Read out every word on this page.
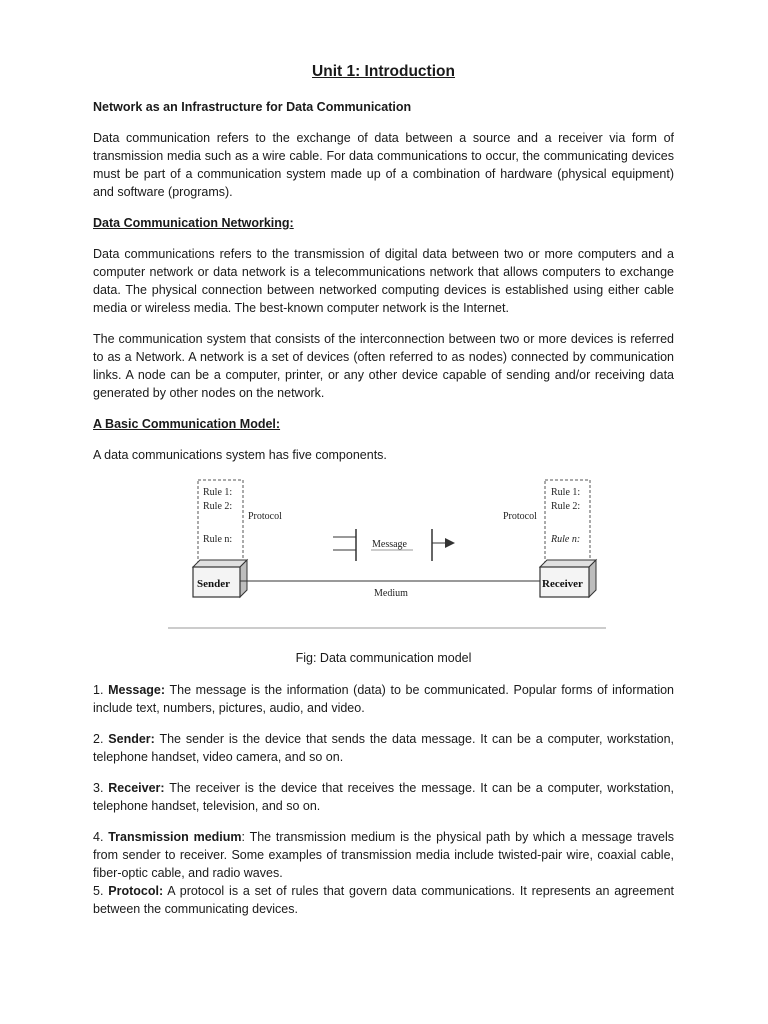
Unit 1: Introduction
Network as an Infrastructure for Data Communication

Data communication refers to the exchange of data between a source and a receiver via form of transmission media such as a wire cable. For data communications to occur, the communicating devices must be part of a communication system made up of a combination of hardware (physical equipment) and software (programs).

Data Communication Networking:

Data communications refers to the transmission of digital data between two or more computers and a computer network or data network is a telecommunications network that allows computers to exchange data. The physical connection between networked computing devices is established using either cable media or wireless media. The best-known computer network is the Internet.

The communication system that consists of the interconnection between two or more devices is referred to as a Network. A network is a set of devices (often referred to as nodes) connected by communication links. A node can be a computer, printer, or any other device capable of sending and/or receiving data generated by other nodes on the network.

A Basic Communication Model:

A data communications system has five components.

Rule 1:
Rule 2:
Rule n:
Protocol
Rule 1:
Rule 2:
Rule n:
Protocol
Sender	Receiver
Medium
Message
Fig: Data communication model

1. Message: The message is the information (data) to be communicated. Popular forms of information include text, numbers, pictures, audio, and video.

2. Sender: The sender is the device that sends the data message. It can be a computer, workstation, telephone handset, video camera, and so on.

3. Receiver: The receiver is the device that receives the message. It can be a computer, workstation, telephone handset, television, and so on.

4. Transmission medium: The transmission medium is the physical path by which a message travels from sender to receiver. Some examples of transmission media include twisted-pair wire, coaxial cable, fiber-optic cable, and radio waves.

5. Protocol: A protocol is a set of rules that govern data communications. It represents an agreement between the communicating devices.
